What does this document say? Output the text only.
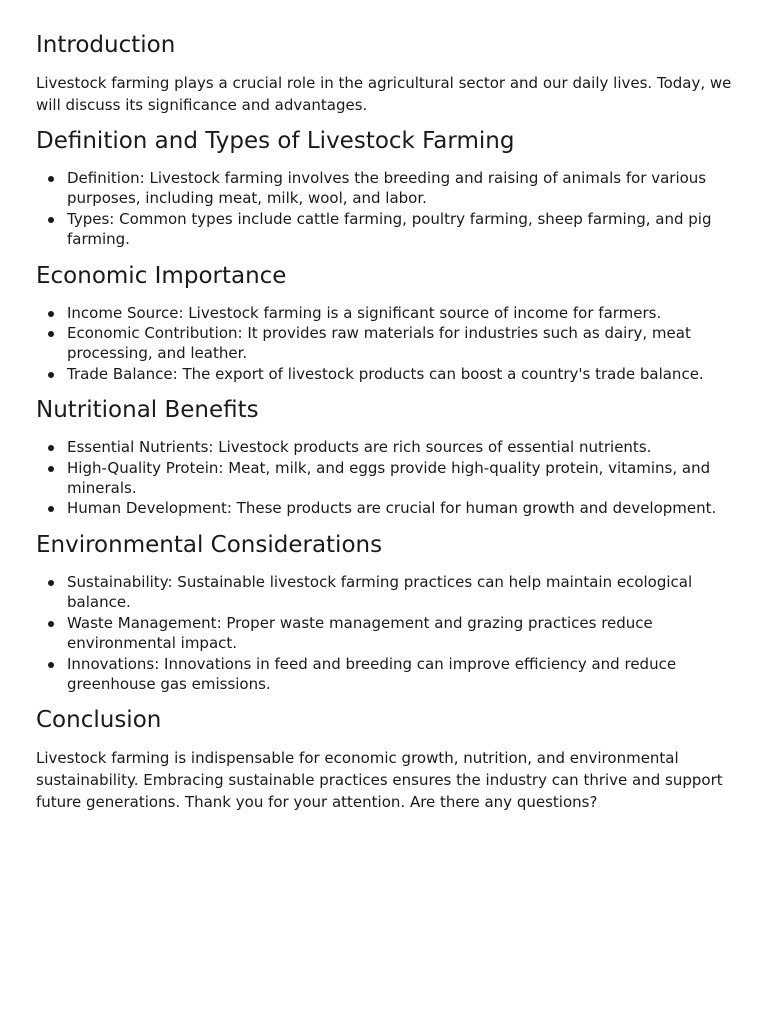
Introduction

Livestock farming plays a crucial role in the agricultural sector and our daily lives. Today, we will discuss its significance and advantages.

Definition and Types of Livestock Farming
Definition: Livestock farming involves the breeding and raising of animals for various purposes, including meat, milk, wool, and labor.
Types: Common types include cattle farming, poultry farming, sheep farming, and pig farming.
Economic Importance
Income Source: Livestock farming is a significant source of income for farmers.
Economic Contribution: It provides raw materials for industries such as dairy, meat processing, and leather.
Trade Balance: The export of livestock products can boost a country's trade balance.
Nutritional Benefits
Essential Nutrients: Livestock products are rich sources of essential nutrients.
High-Quality Protein: Meat, milk, and eggs provide high-quality protein, vitamins, and minerals.
Human Development: These products are crucial for human growth and development.
Environmental Considerations
Sustainability: Sustainable livestock farming practices can help maintain ecological balance.
Waste Management: Proper waste management and grazing practices reduce environmental impact.
Innovations: Innovations in feed and breeding can improve efficiency and reduce greenhouse gas emissions.
Conclusion

Livestock farming is indispensable for economic growth, nutrition, and environmental sustainability. Embracing sustainable practices ensures the industry can thrive and support future generations. Thank you for your attention. Are there any questions?
